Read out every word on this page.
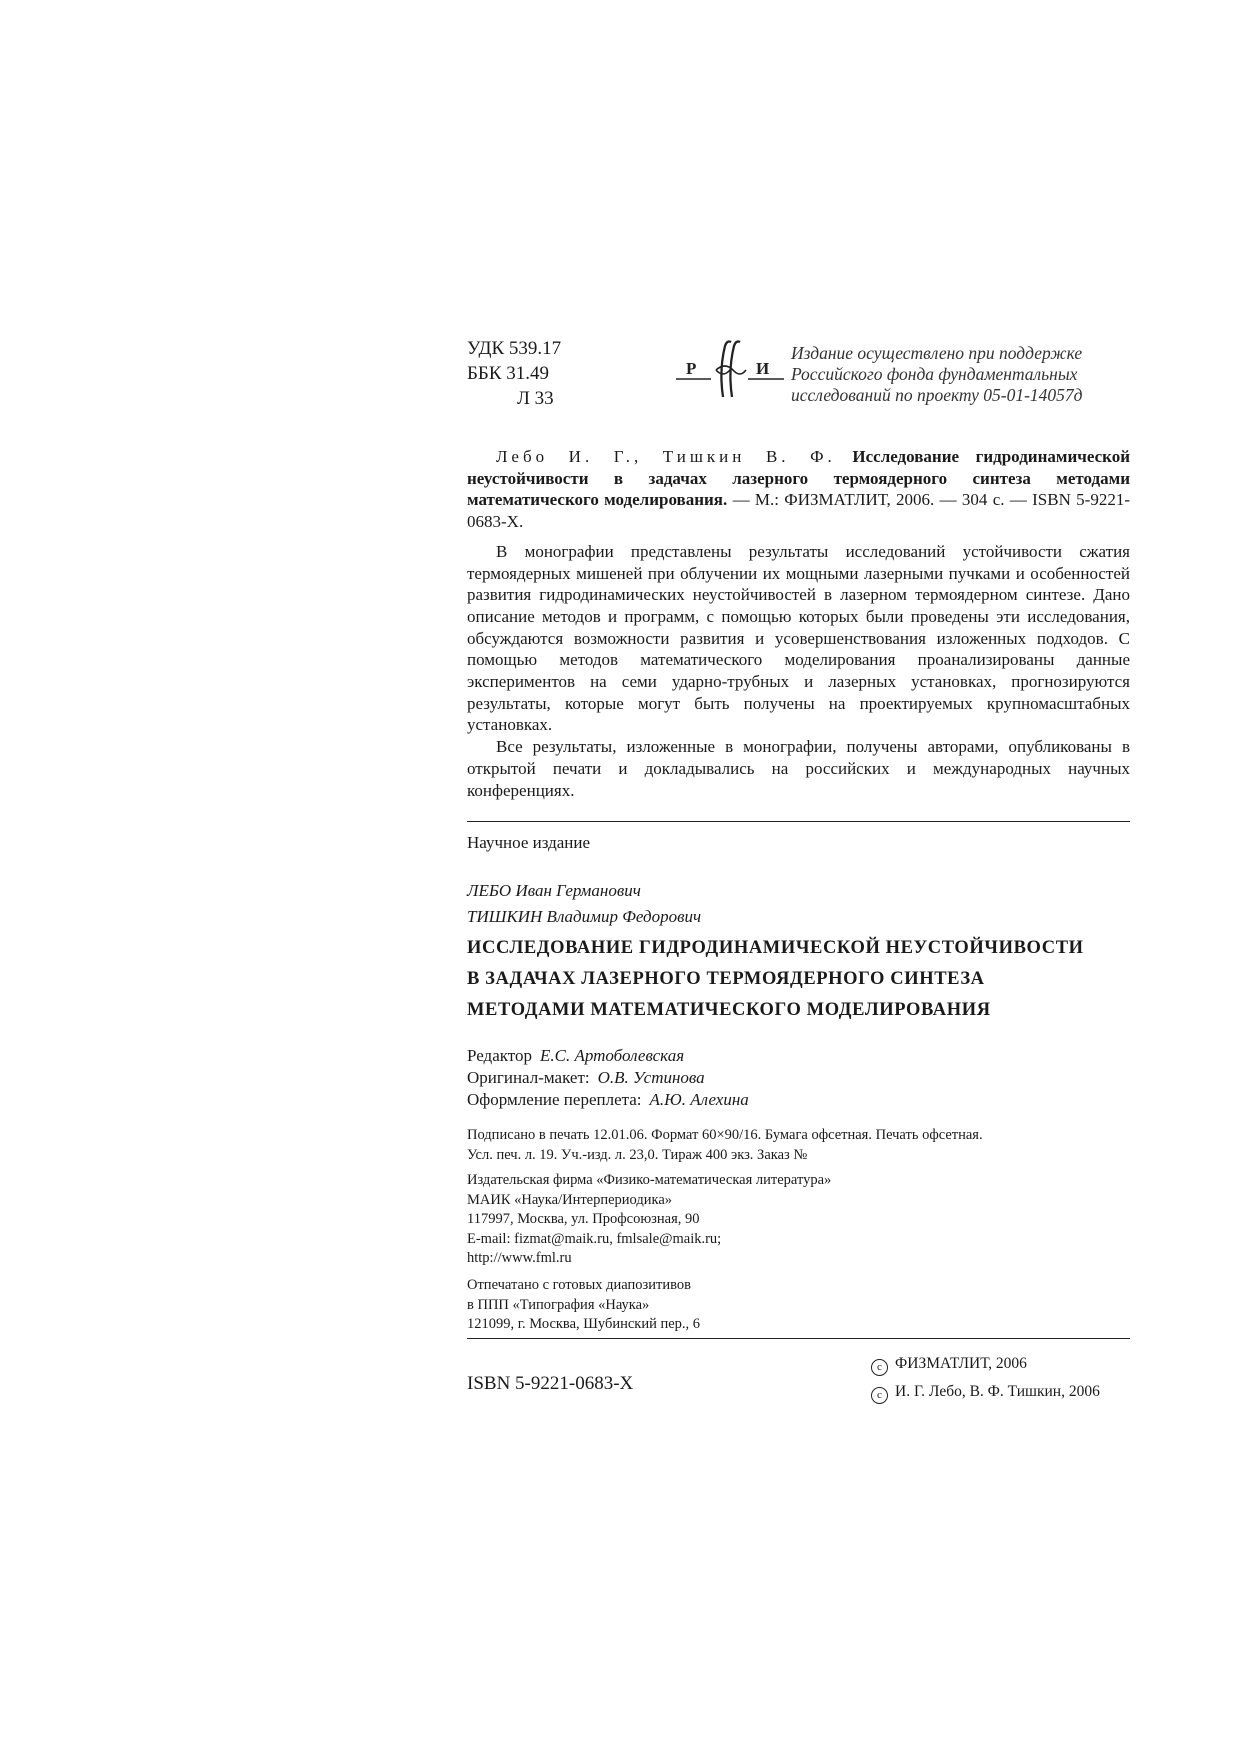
УДК 539.17
ББК 31.49
Л 33
Р	И
Издание осуществлено при поддержке
Российского фонда фундаментальных
исследований по проекту 05-01-14057д
Лебо И. Г., Тишкин В. Ф. Исследование гидродинамической неустойчивости в задачах лазерного термоядерного синтеза методами математического моделирования. — М.: ФИЗМАТЛИТ, 2006. — 304 с. — ISBN 5-9221-0683-X.

В монографии представлены результаты исследований устойчивости сжатия термоядерных мишеней при облучении их мощными лазерными пучками и особенностей развития гидродинамических неустойчивостей в лазерном термоядерном синтезе. Дано описание методов и программ, с помощью которых были проведены эти исследования, обсуждаются возможности развития и усовершенствования изложенных подходов. С помощью методов математического моделирования проанализированы данные экспериментов на семи ударно-трубных и лазерных установках, прогнозируются результаты, которые могут быть получены на проектируемых крупномасштабных установках.

Все результаты, изложенные в монографии, получены авторами, опубликованы в открытой печати и докладывались на российских и международных научных конференциях.

Научное издание
ЛЕБО Иван Германович
ТИШКИН Владимир Федорович
ИССЛЕДОВАНИЕ ГИДРОДИНАМИЧЕСКОЙ НЕУСТОЙЧИВОСТИ
В ЗАДАЧАХ ЛАЗЕРНОГО ТЕРМОЯДЕРНОГО СИНТЕЗА
МЕТОДАМИ МАТЕМАТИЧЕСКОГО МОДЕЛИРОВАНИЯ
Редактор Е.С. Артоболевская
Оригинал-макет: О.В. Устинова
Оформление переплета: А.Ю. Алехина
Подписано в печать 12.01.06. Формат 60×90/16. Бумага офсетная. Печать офсетная.
Усл. печ. л. 19. Уч.-изд. л. 23,0. Тираж 400 экз. Заказ №
Издательская фирма «Физико-математическая литература»
МАИК «Наука/Интерпериодика»
117997, Москва, ул. Профсоюзная, 90
E-mail: fizmat@maik.ru, fmlsale@maik.ru;
http://www.fml.ru
Отпечатано с готовых диапозитивов
в ППП «Типография «Наука»
121099, г. Москва, Шубинский пер., 6
ISBN 5-9221-0683-X
c ФИЗМАТЛИТ, 2006
c И. Г. Лебо, В. Ф. Тишкин, 2006
